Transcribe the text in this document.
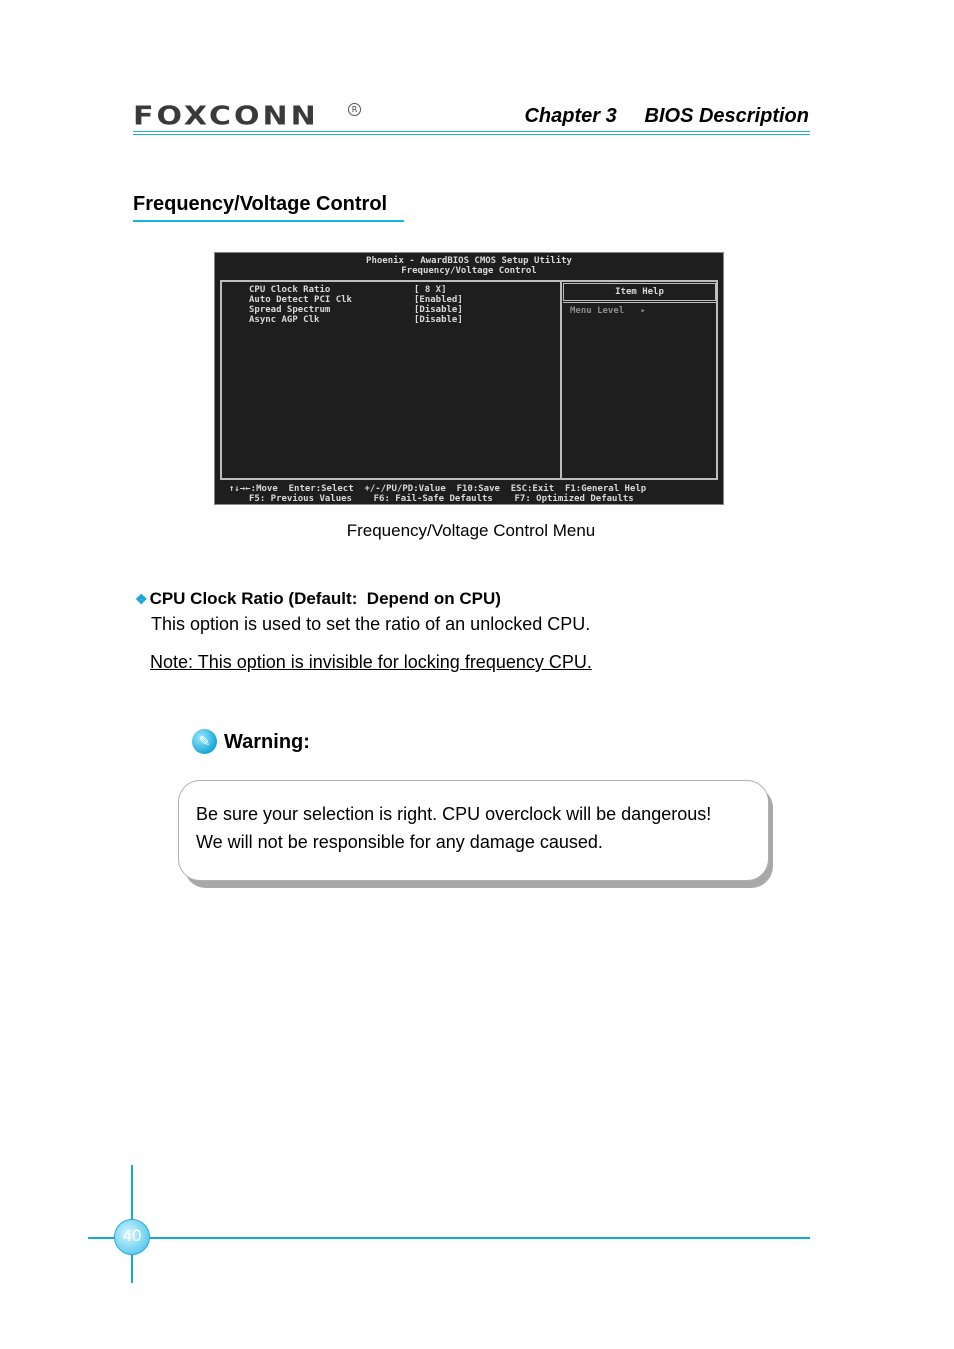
FOXCONN	R	Chapter 3     BIOS Description
Frequency/Voltage Control
Phoenix - AwardBIOS CMOS Setup Utility
Frequency/Voltage Control
CPU Clock Ratio	[ 8 X]
Auto Detect PCI Clk	[Enabled]
Spread Spectrum	[Disable]
Async AGP Clk	[Disable]
Item Help
Menu Level   ▸
↑↓→←:Move  Enter:Select  +/-/PU/PD:Value  F10:Save  ESC:Exit  F1:General Help
F5: Previous Values    F6: Fail-Safe Defaults    F7: Optimized Defaults
Frequency/Voltage Control Menu
❖ CPU Clock Ratio (Default:  Depend on CPU)
This option is used to set the ratio of an unlocked CPU.
Note: This option is invisible for locking frequency CPU.
✎ Warning:
Be sure your selection is right. CPU overclock will be dangerous!
We will not be responsible for any damage caused.
40
